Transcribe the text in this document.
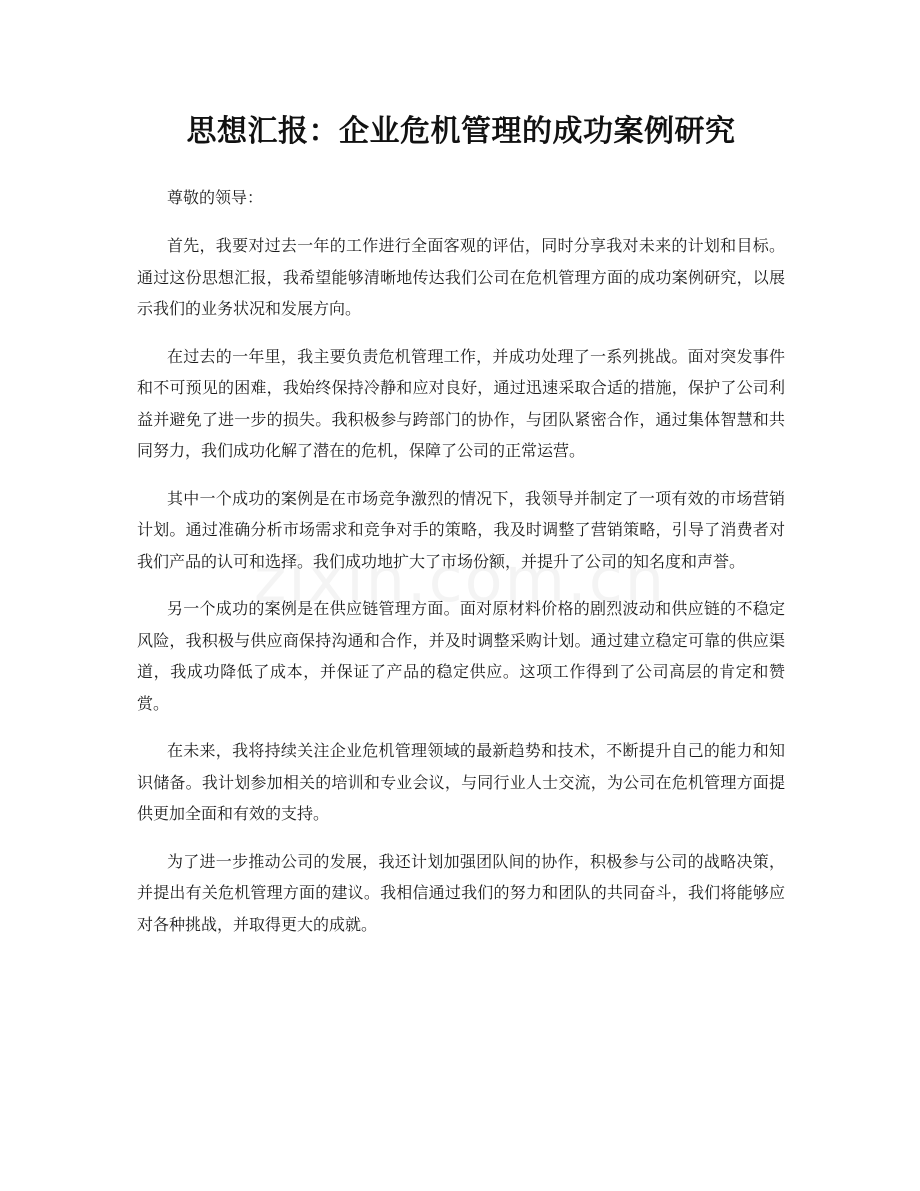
思想汇报：企业危机管理的成功案例研究

尊敬的领导：

首先，我要对过去一年的工作进行全面客观的评估，同时分享我对未来的计划和目标。通过这份思想汇报，我希望能够清晰地传达我们公司在危机管理方面的成功案例研究，以展示我们的业务状况和发展方向。

在过去的一年里，我主要负责危机管理工作，并成功处理了一系列挑战。面对突发事件和不可预见的困难，我始终保持冷静和应对良好，通过迅速采取合适的措施，保护了公司利益并避免了进一步的损失。我积极参与跨部门的协作，与团队紧密合作，通过集体智慧和共同努力，我们成功化解了潜在的危机，保障了公司的正常运营。

其中一个成功的案例是在市场竞争激烈的情况下，我领导并制定了一项有效的市场营销计划。通过准确分析市场需求和竞争对手的策略，我及时调整了营销策略，引导了消费者对我们产品的认可和选择。我们成功地扩大了市场份额，并提升了公司的知名度和声誉。

另一个成功的案例是在供应链管理方面。面对原材料价格的剧烈波动和供应链的不稳定风险，我积极与供应商保持沟通和合作，并及时调整采购计划。通过建立稳定可靠的供应渠道，我成功降低了成本，并保证了产品的稳定供应。这项工作得到了公司高层的肯定和赞赏。

在未来，我将持续关注企业危机管理领域的最新趋势和技术，不断提升自己的能力和知识储备。我计划参加相关的培训和专业会议，与同行业人士交流，为公司在危机管理方面提供更加全面和有效的支持。

为了进一步推动公司的发展，我还计划加强团队间的协作，积极参与公司的战略决策，并提出有关危机管理方面的建议。我相信通过我们的努力和团队的共同奋斗，我们将能够应对各种挑战，并取得更大的成就。
